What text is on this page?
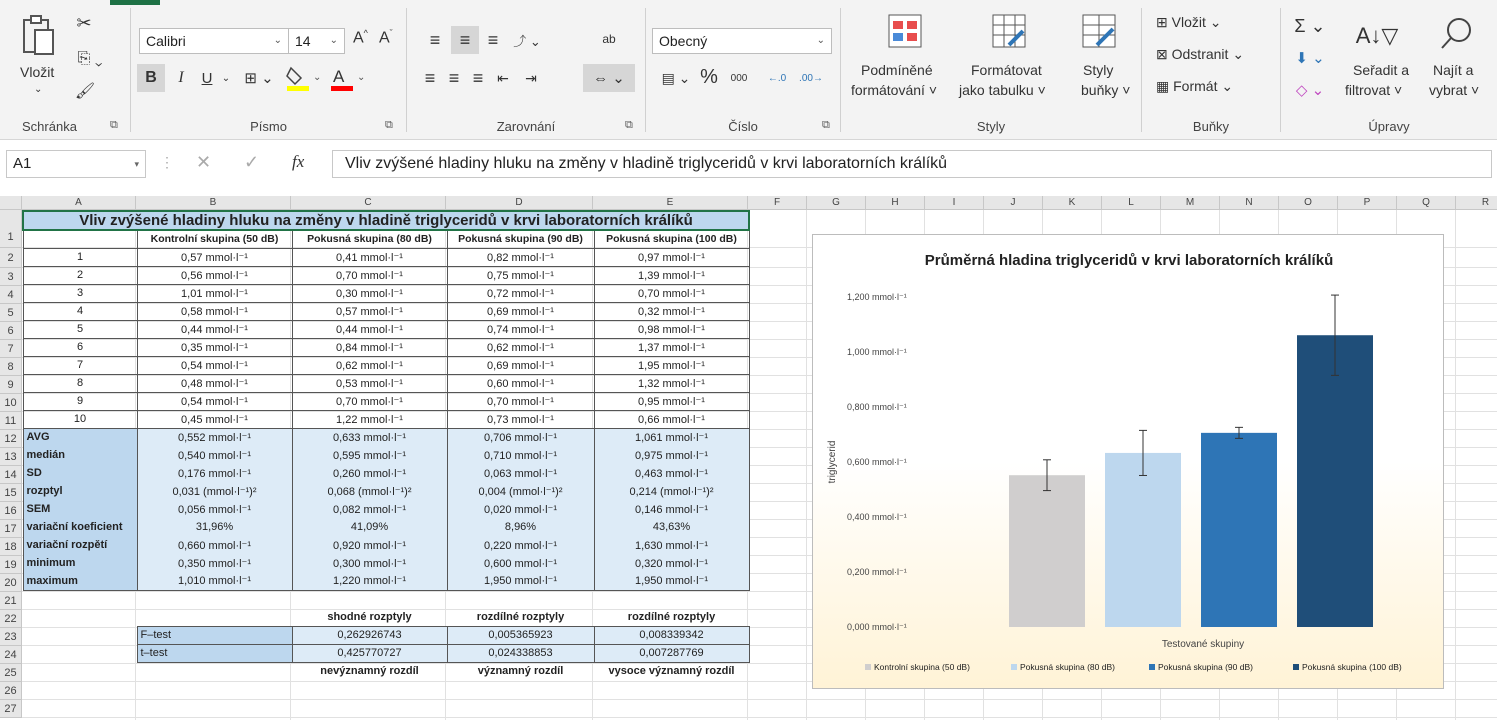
Vložit
⌄
✂
⎘ ⌄
🖌
Schránka	⧉
Calibri	⌄ 14 ⌄ A^ $A^ˇ$
B	I	U ⌄ ⊞ ⌄	⌄ A ⌄
Písmo	⧉
≡	≡ ≡	⤴ ⌄	ab
≡ ≡ ≡ ⇤	⇥	⇔ ⌄
Zarovnání	⧉
Obecný	⌄
▤ ⌄ %	000	←.0	.00→
Číslo	⧉
Podmíněné
formátování ˅
Formátovat
jako tabulku ˅
Styly
buňky ˅
Styly
⊞ Vložit ⌄
⊠ Odstranit ⌄
▦ Formát ⌄
Buňky
Σ ⌄
⬇ ⌄
◇ ⌄
A↓▽
Seřadit a
filtrovat ˅
Najít a
vybrat ˅
Úpravy
A1	▾ ⋮ ✕ ✓ fx	Vliv zvýšené hladiny hluku na změny v hladině triglyceridů v krvi laboratorních králíků
A	B	C	D	E	F	G	H	I	J	K	L	M	N	O	P	Q	R
1
2
3
4
5
6
7
8
9
10
11
12
13
14
15
16
17
18
19
20
21
22
23
24
25
26
27
Vliv zvýšené hladiny hluku na změny v hladině triglyceridů v krvi laboratorních králíků				
	Kontrolní skupina (50 dB)	Pokusná skupina (80 dB)	Pokusná skupina (90 dB)	Pokusná skupina (100 dB)
1	0,57 mmol·l⁻¹	0,41 mmol·l⁻¹	0,82 mmol·l⁻¹	0,97 mmol·l⁻¹
2	0,56 mmol·l⁻¹	0,70 mmol·l⁻¹	0,75 mmol·l⁻¹	1,39 mmol·l⁻¹
3	1,01 mmol·l⁻¹	0,30 mmol·l⁻¹	0,72 mmol·l⁻¹	0,70 mmol·l⁻¹
4	0,58 mmol·l⁻¹	0,57 mmol·l⁻¹	0,69 mmol·l⁻¹	0,32 mmol·l⁻¹
5	0,44 mmol·l⁻¹	0,44 mmol·l⁻¹	0,74 mmol·l⁻¹	0,98 mmol·l⁻¹
6	0,35 mmol·l⁻¹	0,84 mmol·l⁻¹	0,62 mmol·l⁻¹	1,37 mmol·l⁻¹
7	0,54 mmol·l⁻¹	0,62 mmol·l⁻¹	0,69 mmol·l⁻¹	1,95 mmol·l⁻¹
8	0,48 mmol·l⁻¹	0,53 mmol·l⁻¹	0,60 mmol·l⁻¹	1,32 mmol·l⁻¹
9	0,54 mmol·l⁻¹	0,70 mmol·l⁻¹	0,70 mmol·l⁻¹	0,95 mmol·l⁻¹
10	0,45 mmol·l⁻¹	1,22 mmol·l⁻¹	0,73 mmol·l⁻¹	0,66 mmol·l⁻¹
AVG	0,552 mmol·l⁻¹	0,633 mmol·l⁻¹	0,706 mmol·l⁻¹	1,061 mmol·l⁻¹
medián	0,540 mmol·l⁻¹	0,595 mmol·l⁻¹	0,710 mmol·l⁻¹	0,975 mmol·l⁻¹
SD	0,176 mmol·l⁻¹	0,260 mmol·l⁻¹	0,063 mmol·l⁻¹	0,463 mmol·l⁻¹
rozptyl	0,031 (mmol·l⁻¹)²	0,068 (mmol·l⁻¹)²	0,004 (mmol·l⁻¹)²	0,214 (mmol·l⁻¹)²
SEM	0,056 mmol·l⁻¹	0,082 mmol·l⁻¹	0,020 mmol·l⁻¹	0,146 mmol·l⁻¹
variační koeficient	31,96%	41,09%	8,96%	43,63%
variační rozpětí	0,660 mmol·l⁻¹	0,920 mmol·l⁻¹	0,220 mmol·l⁻¹	1,630 mmol·l⁻¹
minimum	0,350 mmol·l⁻¹	0,300 mmol·l⁻¹	0,600 mmol·l⁻¹	0,320 mmol·l⁻¹
maximum	1,010 mmol·l⁻¹	1,220 mmol·l⁻¹	1,950 mmol·l⁻¹	1,950 mmol·l⁻¹

		shodné rozptyly	rozdílné rozptyly	rozdílné rozptyly
	F–test	0,262926743	0,005365923	0,008339342
	t–test	0,425770727	0,024338853	0,007287769
		nevýznamný rozdíl	významný rozdíl	vysoce významný rozdíl
Průměrná hladina triglyceridů v krvi laboratorních králíků
0,000 mmol·l⁻¹
0,200 mmol·l⁻¹
0,400 mmol·l⁻¹
0,600 mmol·l⁻¹
0,800 mmol·l⁻¹
1,000 mmol·l⁻¹
1,200 mmol·l⁻¹
triglycerid
Testované skupiny
Kontrolní skupina (50 dB)	Pokusná skupina (80 dB)	Pokusná skupina (90 dB)	Pokusná skupina (100 dB)
